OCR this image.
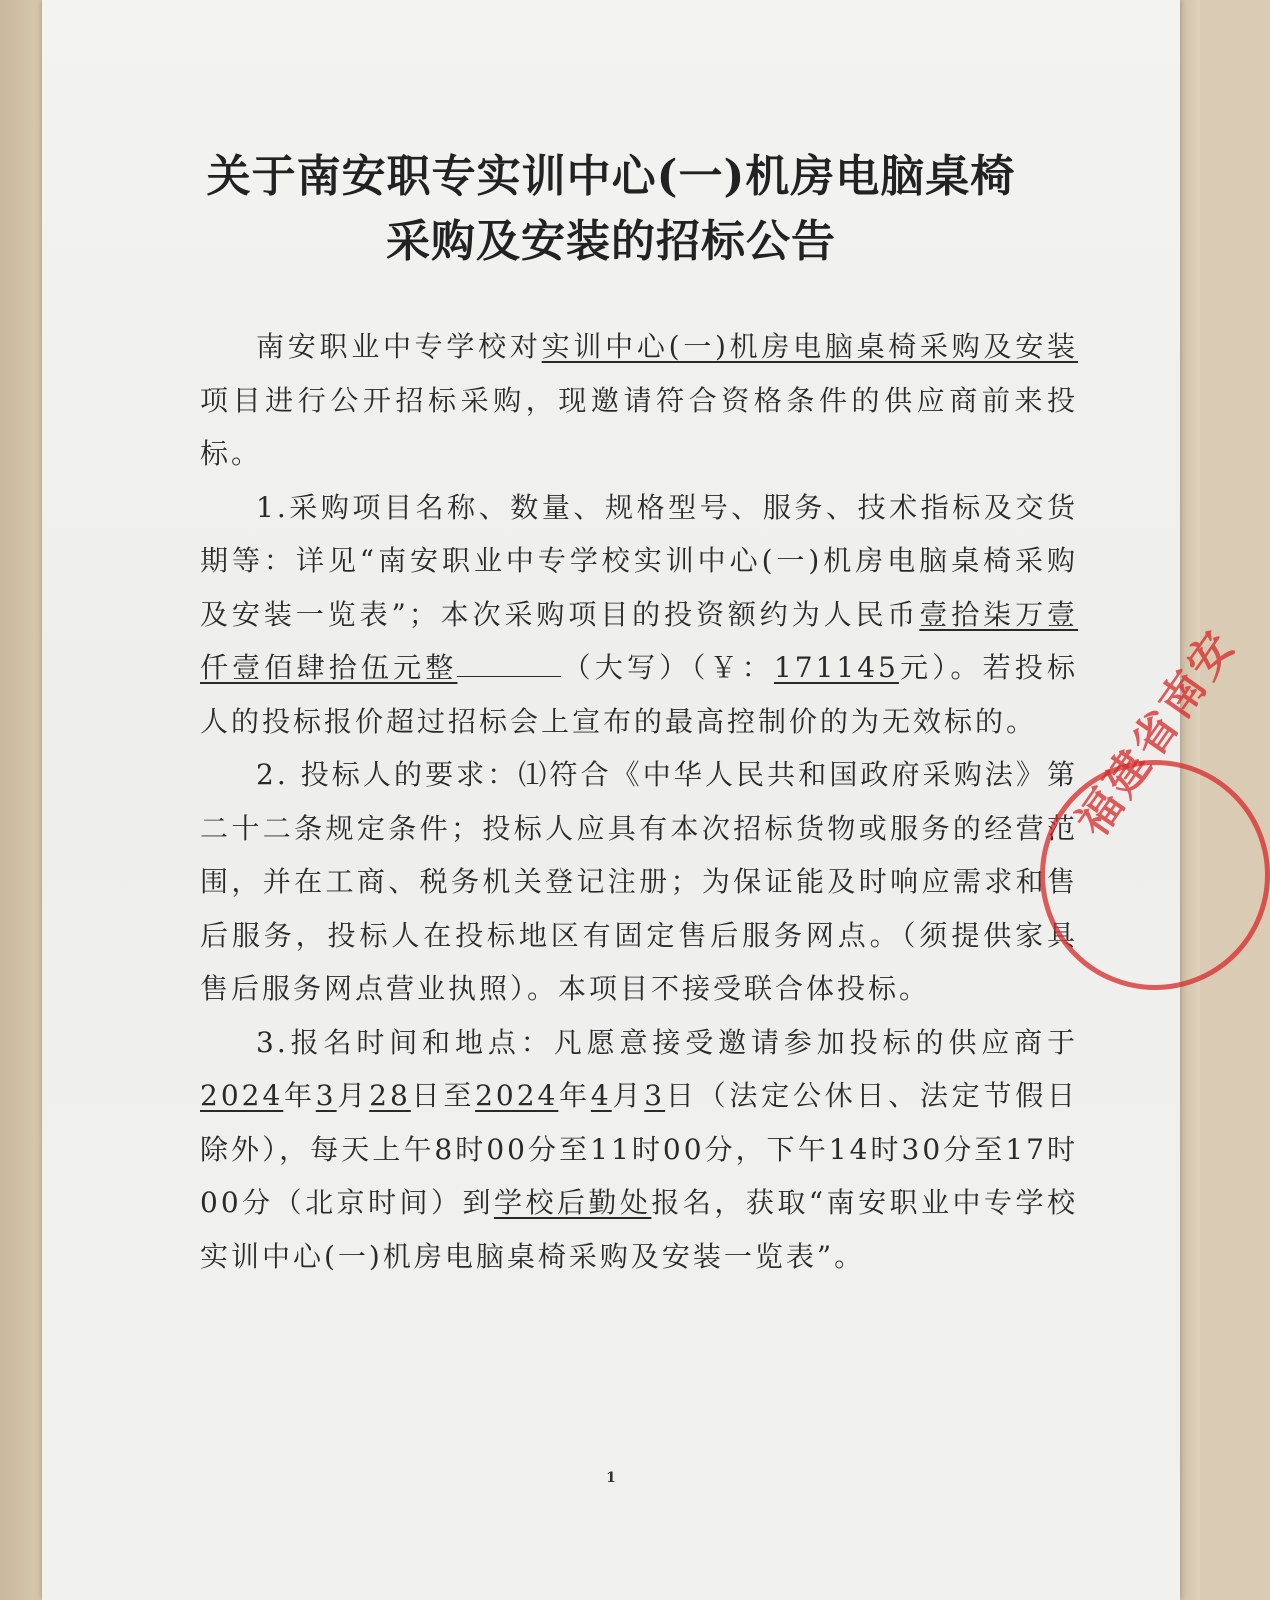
关于南安职专实训中心(一)机房电脑桌椅
采购及安装的招标公告

南安职业中专学校对实训中心(一)机房电脑桌椅采购及安装项目进行公开招标采购，现邀请符合资格条件的供应商前来投标。

1.采购项目名称、数量、规格型号、服务、技术指标及交货期等：详见“南安职业中专学校实训中心(一)机房电脑桌椅采购及安装一览表”；本次采购项目的投资额约为人民币壹拾柒万壹仟壹佰肆拾伍元整	（大写）（￥：171145元）。若投标人的投标报价超过招标会上宣布的最高控制价的为无效标的。

2. 投标人的要求：⑴符合《中华人民共和国政府采购法》第二十二条规定条件；投标人应具有本次招标货物或服务的经营范围，并在工商、税务机关登记注册；为保证能及时响应需求和售后服务，投标人在投标地区有固定售后服务网点。（须提供家具售后服务网点营业执照）。本项目不接受联合体投标。

3.报名时间和地点：凡愿意接受邀请参加投标的供应商于2024年3月28日至2024年4月3日（法定公休日、法定节假日除外），每天上午8时00分至11时00分，下午14时30分至17时00分（北京时间）到学校后勤处报名，获取“南安职业中专学校实训中心(一)机房电脑桌椅采购及安装一览表”。

1
福建省南安
